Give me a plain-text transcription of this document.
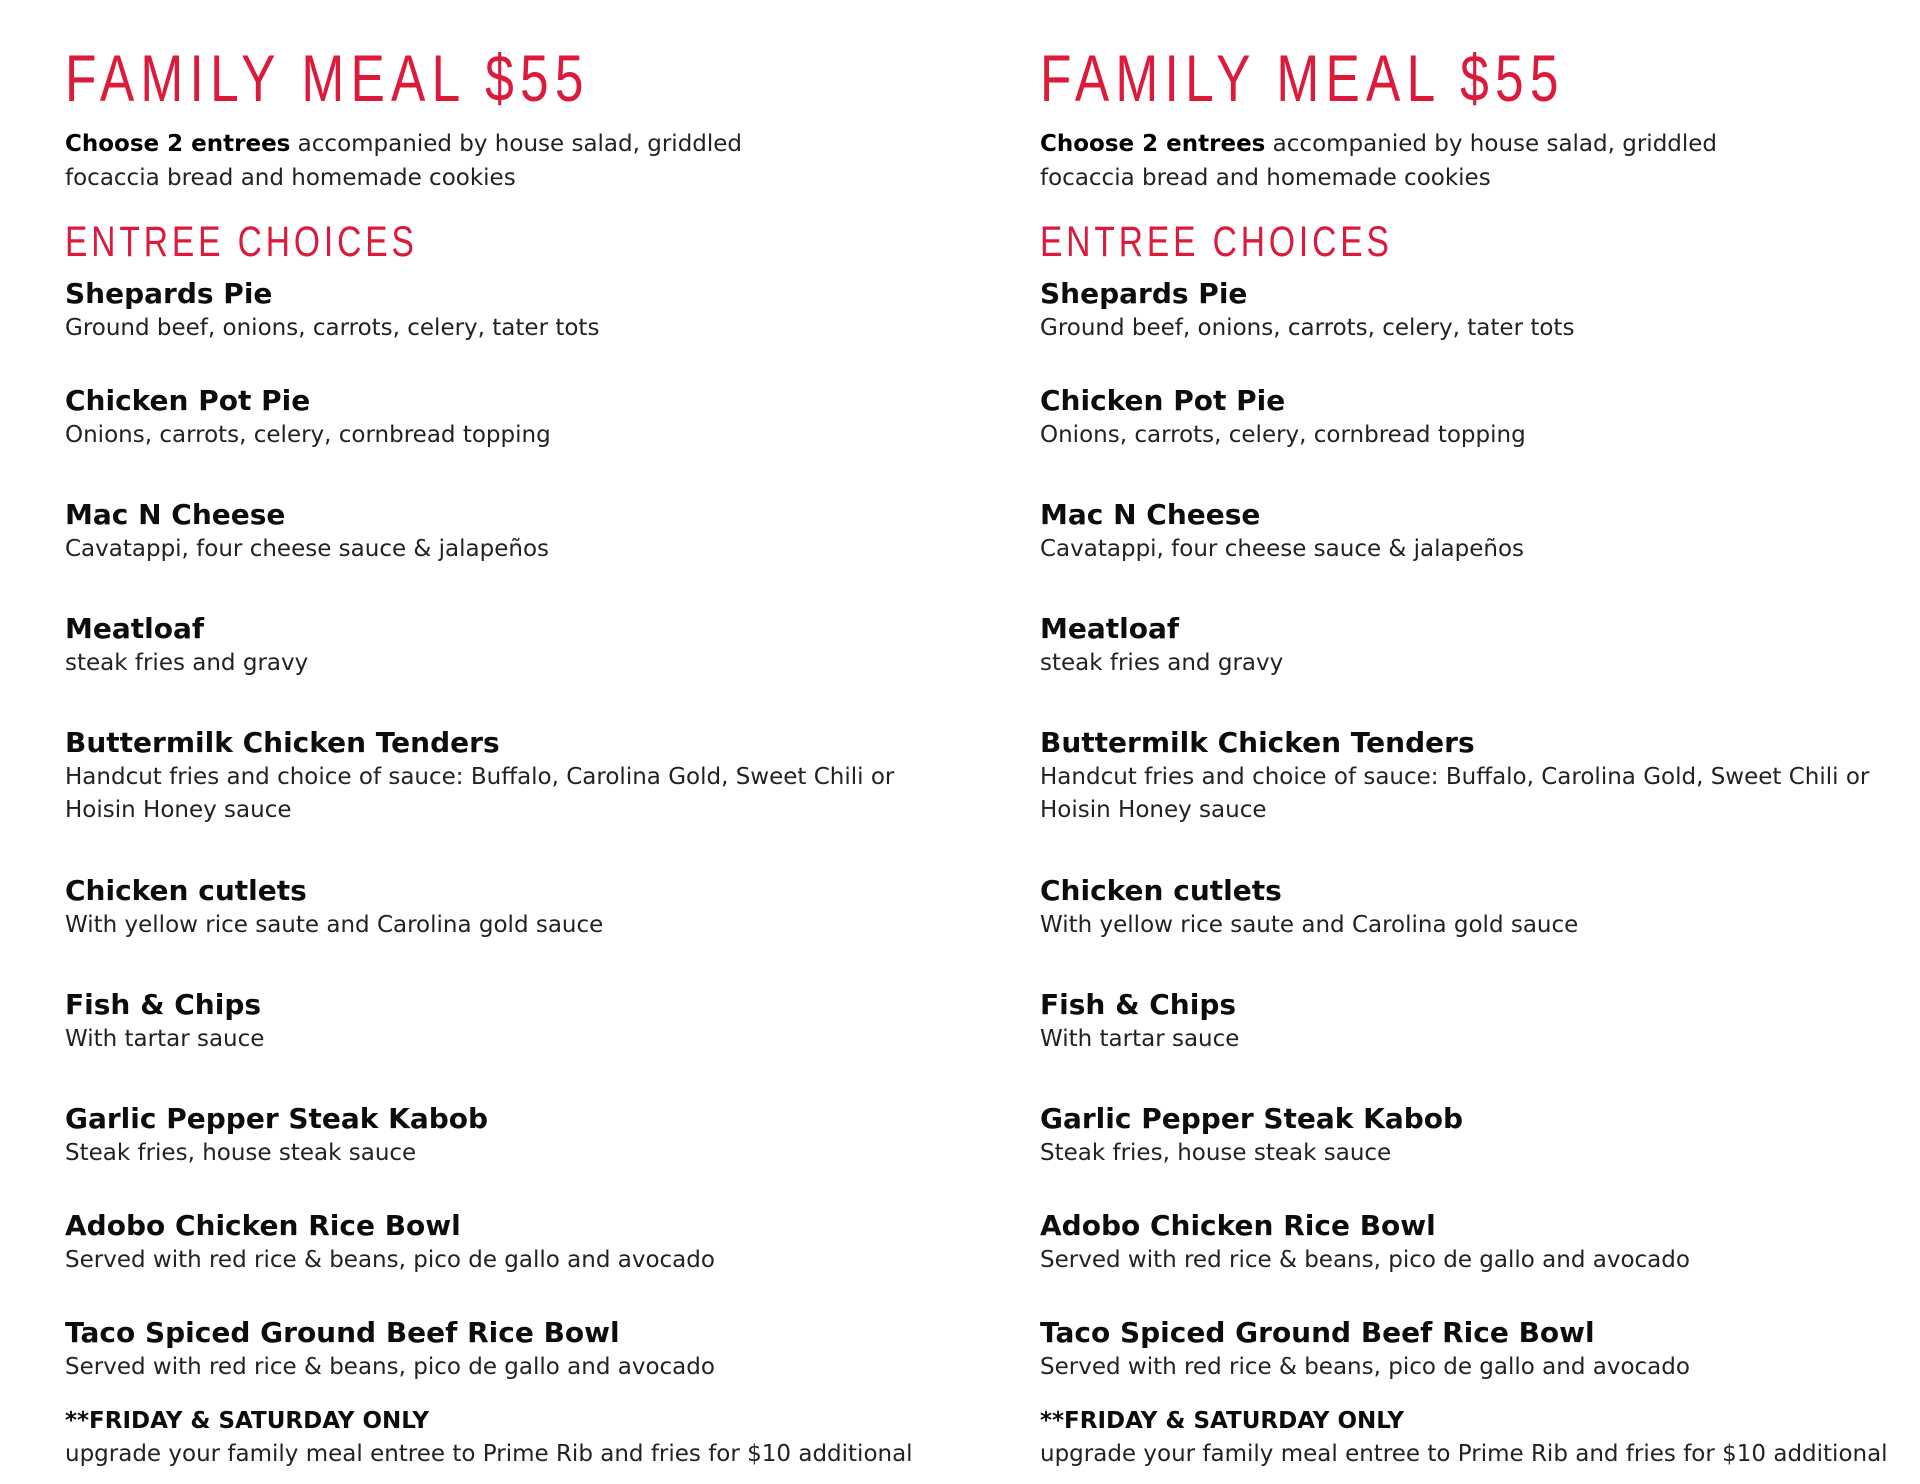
FAMILY MEAL $55
Choose 2 entrees accompanied by house salad, griddled focaccia bread and homemade cookies
ENTREE CHOICES
Shepards Pie
Ground beef, onions, carrots, celery, tater tots
Chicken Pot Pie
Onions, carrots, celery, cornbread topping
Mac N Cheese
Cavatappi, four cheese sauce & jalapeños
Meatloaf
steak fries and gravy
Buttermilk Chicken Tenders
Handcut fries and choice of sauce: Buffalo, Carolina Gold, Sweet Chili or Hoisin Honey sauce
Chicken cutlets
With yellow rice saute and Carolina gold sauce
Fish & Chips
With tartar sauce
Garlic Pepper Steak Kabob
Steak fries, house steak sauce
Adobo Chicken Rice Bowl
Served with red rice & beans, pico de gallo and avocado
Taco Spiced Ground Beef Rice Bowl
Served with red rice & beans, pico de gallo and avocado
**FRIDAY & SATURDAY ONLY
upgrade your family meal entree to Prime Rib and fries for $10 additional
FAMILY MEAL $55
Choose 2 entrees accompanied by house salad, griddled focaccia bread and homemade cookies
ENTREE CHOICES
Shepards Pie
Ground beef, onions, carrots, celery, tater tots
Chicken Pot Pie
Onions, carrots, celery, cornbread topping
Mac N Cheese
Cavatappi, four cheese sauce & jalapeños
Meatloaf
steak fries and gravy
Buttermilk Chicken Tenders
Handcut fries and choice of sauce: Buffalo, Carolina Gold, Sweet Chili or Hoisin Honey sauce
Chicken cutlets
With yellow rice saute and Carolina gold sauce
Fish & Chips
With tartar sauce
Garlic Pepper Steak Kabob
Steak fries, house steak sauce
Adobo Chicken Rice Bowl
Served with red rice & beans, pico de gallo and avocado
Taco Spiced Ground Beef Rice Bowl
Served with red rice & beans, pico de gallo and avocado
**FRIDAY & SATURDAY ONLY
upgrade your family meal entree to Prime Rib and fries for $10 additional
